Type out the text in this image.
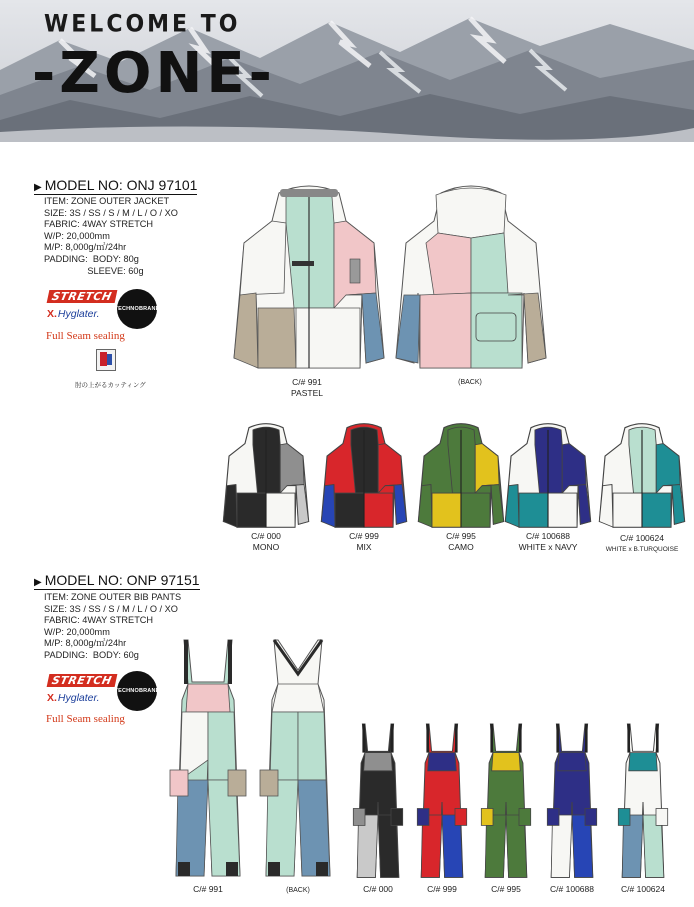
WELCOME TO
-ZONE-
▶ MODEL NO: ONJ 97101
ITEM: ZONE OUTER JACKET
SIZE: 3S / SS / S / M / L / O / XO
FABRIC: 4WAY STRETCH
W/P: 20,000mm
M/P: 8,000g/㎡/24hr
PADDING:  BODY: 80g
SLEEVE: 60g
STRETCH
X.Hyglater.	TECHNOBRANE
Full Seam sealing
肘の上がるカッティング	C/# 991
PASTEL
(BACK)
C/# 000
MONO
C/# 999
MIX
C/# 995
CAMO
C/# 100688
WHITE x NAVY
C/# 100624
WHITE x B.TURQUOISE
▶ MODEL NO: ONP 97151
ITEM: ZONE OUTER BIB PANTS
SIZE: 3S / SS / S / M / L / O / XO
FABRIC: 4WAY STRETCH
W/P: 20,000mm
M/P: 8,000g/㎡/24hr
PADDING:  BODY: 60g
STRETCH
X.Hyglater.
TECHNOBRANE
Full Seam sealing
C/# 991	(BACK)	C/# 000	C/# 999	C/# 995	C/# 100688	C/# 100624
